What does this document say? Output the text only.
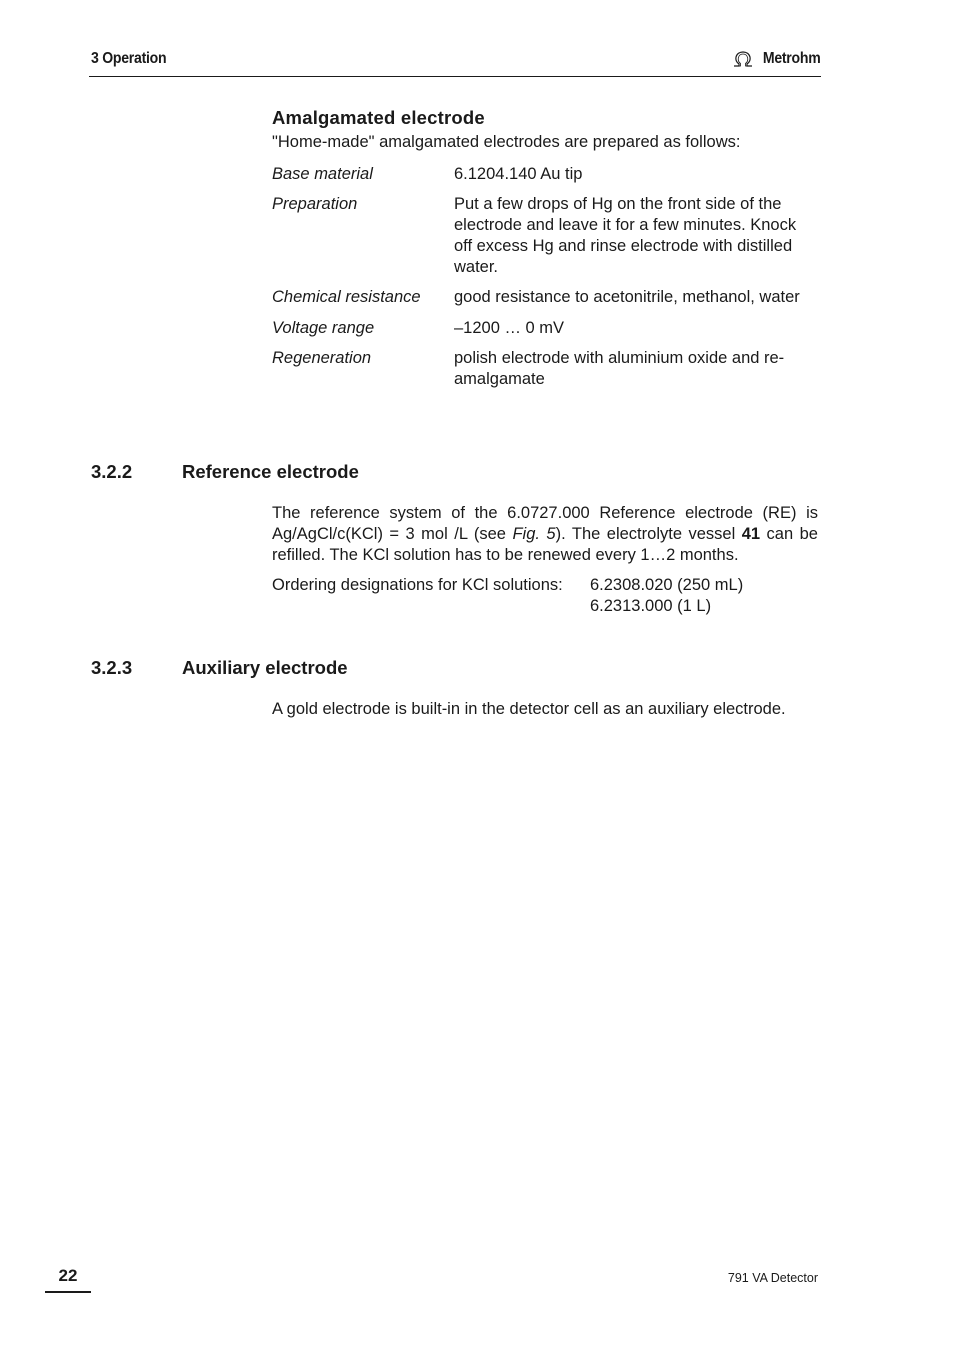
3 Operation	Metrohm
Amalgamated electrode
"Home-made" amalgamated electrodes are prepared as follows:
Base material	6.1204.140 Au tip
Preparation	Put a few drops of Hg on the front side of the
electrode and leave it for a few minutes. Knock
off excess Hg and rinse electrode with distilled
water.
Chemical resistance	good resistance to acetonitrile, methanol, water
Voltage range	–1200 … 0 mV
Regeneration	polish electrode with aluminium oxide and re-
amalgamate
3.2.2	Reference electrode
The reference system of the 6.0727.000 Reference electrode (RE) is Ag/AgCl/c(KCl) = 3 mol /L (see Fig. 5). The electrolyte vessel 41 can be refilled. The KCl solution has to be renewed every 1…2 months.
Ordering designations for KCl solutions:	6.2308.020 (250 mL)
6.2313.000 (1 L)
3.2.3	Auxiliary electrode
A gold electrode is built-in in the detector cell as an auxiliary electrode.
22	791 VA Detector
